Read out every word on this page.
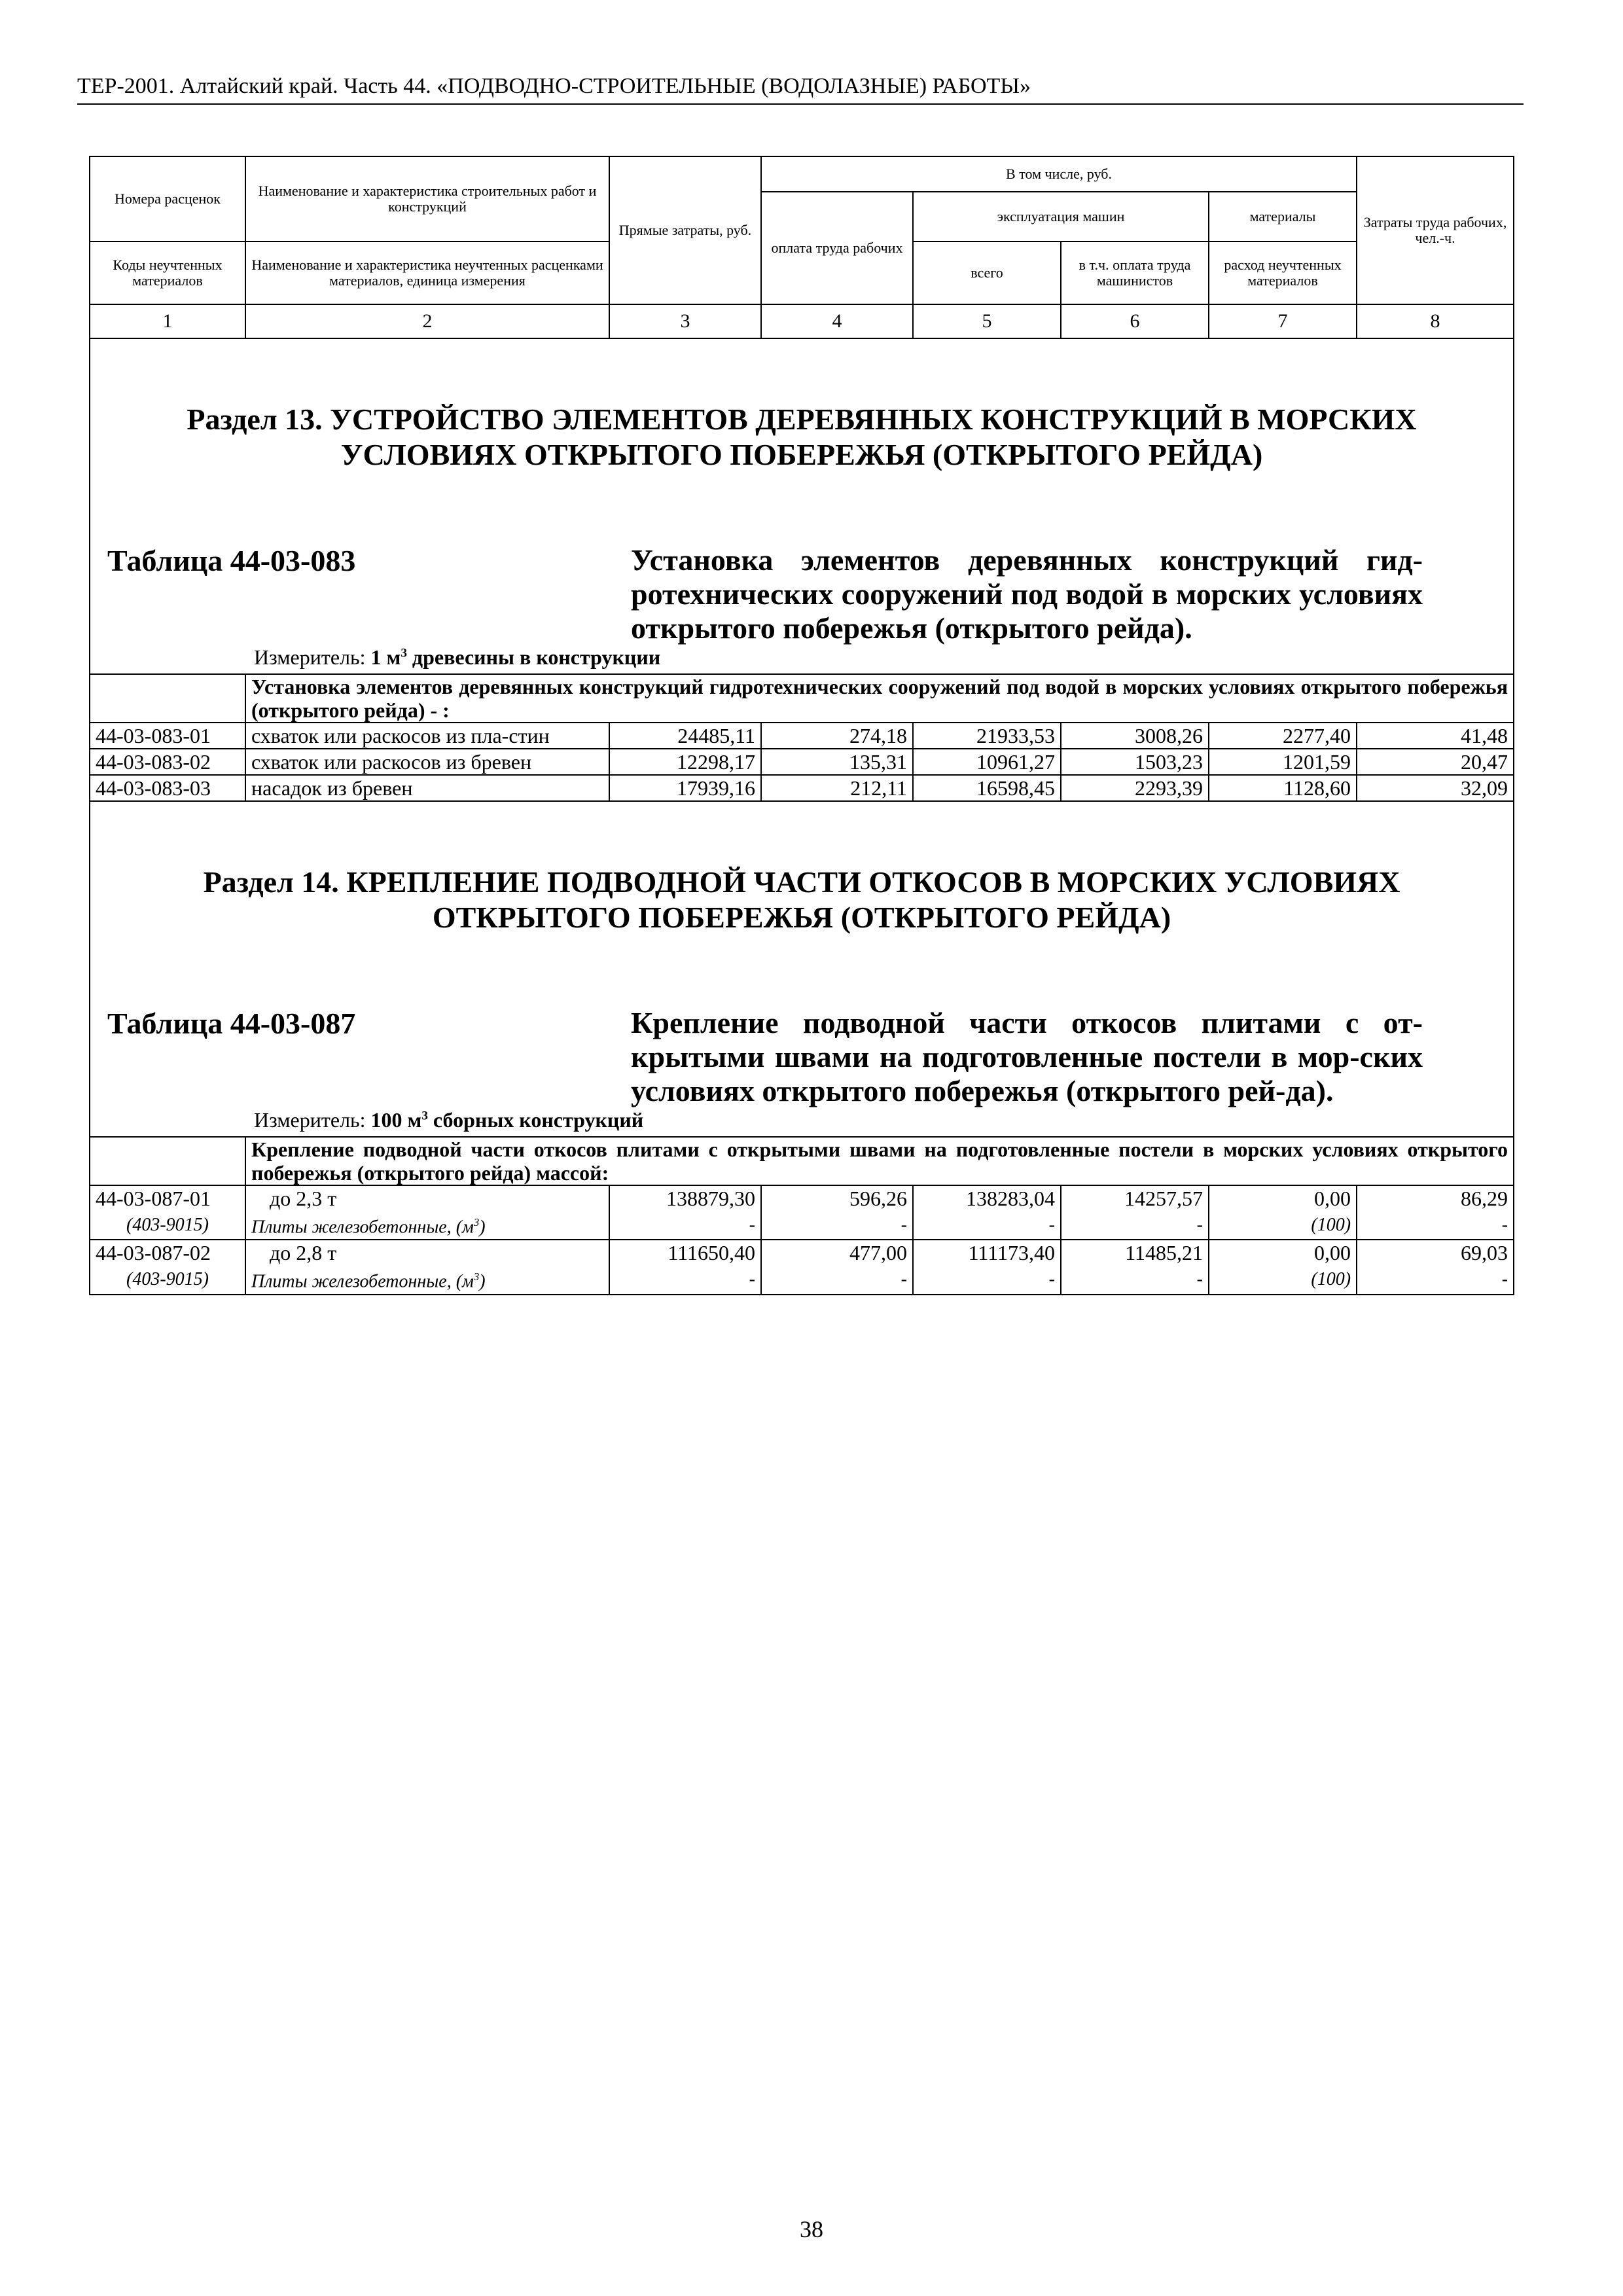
ТЕР-2001. Алтайский край. Часть 44. «ПОДВОДНО-СТРОИТЕЛЬНЫЕ (ВОДОЛАЗНЫЕ) РАБОТЫ»
Номера расценок	Наименование и характеристика строительных работ и конструкций	Прямые затраты, руб.	В том числе, руб.				Затраты труда рабочих, чел.-ч.
			оплата труда рабочих	эксплуатация машин		материалы	
Коды неучтенных материалов	Наименование и характеристика неучтенных расценками материалов, единица измерения			всего	в т.ч. оплата труда машинистов	расход неучтенных материалов	
1	2	3	4	5	6	7	8

Раздел 13. УСТРОЙСТВО ЭЛЕМЕНТОВ ДЕРЕВЯННЫХ КОНСТРУКЦИЙ В МОРСКИХ
УСЛОВИЯХ ОТКРЫТОГО ПОБЕРЕЖЬЯ (ОТКРЫТОГО РЕЙДА)
Таблица 44-03-083 Установка элементов деревянных конструкций гид-ротехнических сооружений под водой в морских условиях открытого побережья (открытого рейда).
Измеритель: 1 $м^3$ древесины в конструкции							

	Установка элементов деревянных конструкций гидротехнических сооружений под водой в морских условиях открытого побережья (открытого рейда) - :						
44-03-083-01	схваток или раскосов из пла-стин	24485,11	274,18	21933,53	3008,26	2277,40	41,48
44-03-083-02	схваток или раскосов из бревен	12298,17	135,31	10961,27	1503,23	1201,59	20,47
44-03-083-03	насадок из бревен	17939,16	212,11	16598,45	2293,39	1128,60	32,09

Раздел 14. КРЕПЛЕНИЕ ПОДВОДНОЙ ЧАСТИ ОТКОСОВ В МОРСКИХ УСЛОВИЯХ
ОТКРЫТОГО ПОБЕРЕЖЬЯ (ОТКРЫТОГО РЕЙДА)
Таблица 44-03-087 Крепление подводной части откосов плитами с от-крытыми швами на подготовленные постели в мор-ских условиях открытого побережья (открытого рей-да).
Измеритель: 100 $м^3$ сборных конструкций							

	Крепление подводной части откосов плитами с открытыми швами на подготовленные постели в морских условиях открытого побережья (открытого рейда) массой:						
44-03-087-01	до 2,3 т	138879,30	596,26	138283,04	14257,57	0,00	86,29
(403-9015)	Плиты железобетонные, $(м^3)$	-	-	-	-	(100)	-
44-03-087-02	до 2,8 т	111650,40	477,00	111173,40	11485,21	0,00	69,03
(403-9015)	Плиты железобетонные, $(м^3)$	-	-	-	-	(100)	-
38
